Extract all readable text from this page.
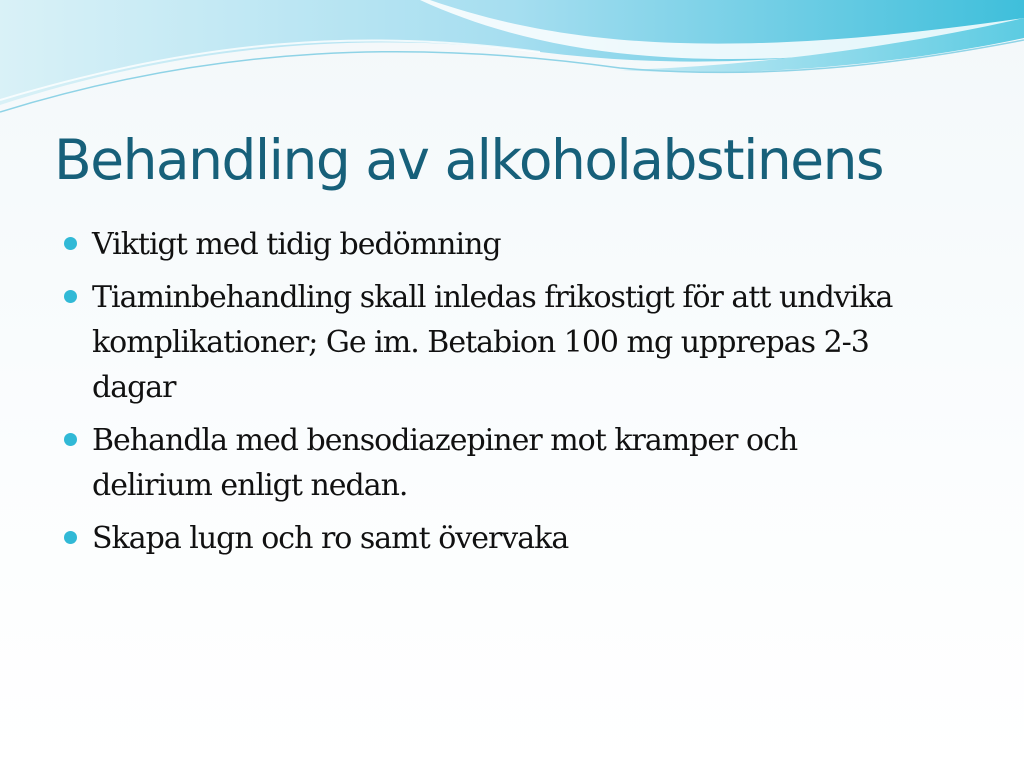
Behandling av alkoholabstinens
Viktigt med tidig bedömning
Tiaminbehandling skall inledas frikostigt för att undvika komplikationer; Ge im. Betabion 100 mg upprepas 2-3 dagar
Behandla med bensodiazepiner mot kramper och delirium enligt nedan.
Skapa lugn och ro samt övervaka
